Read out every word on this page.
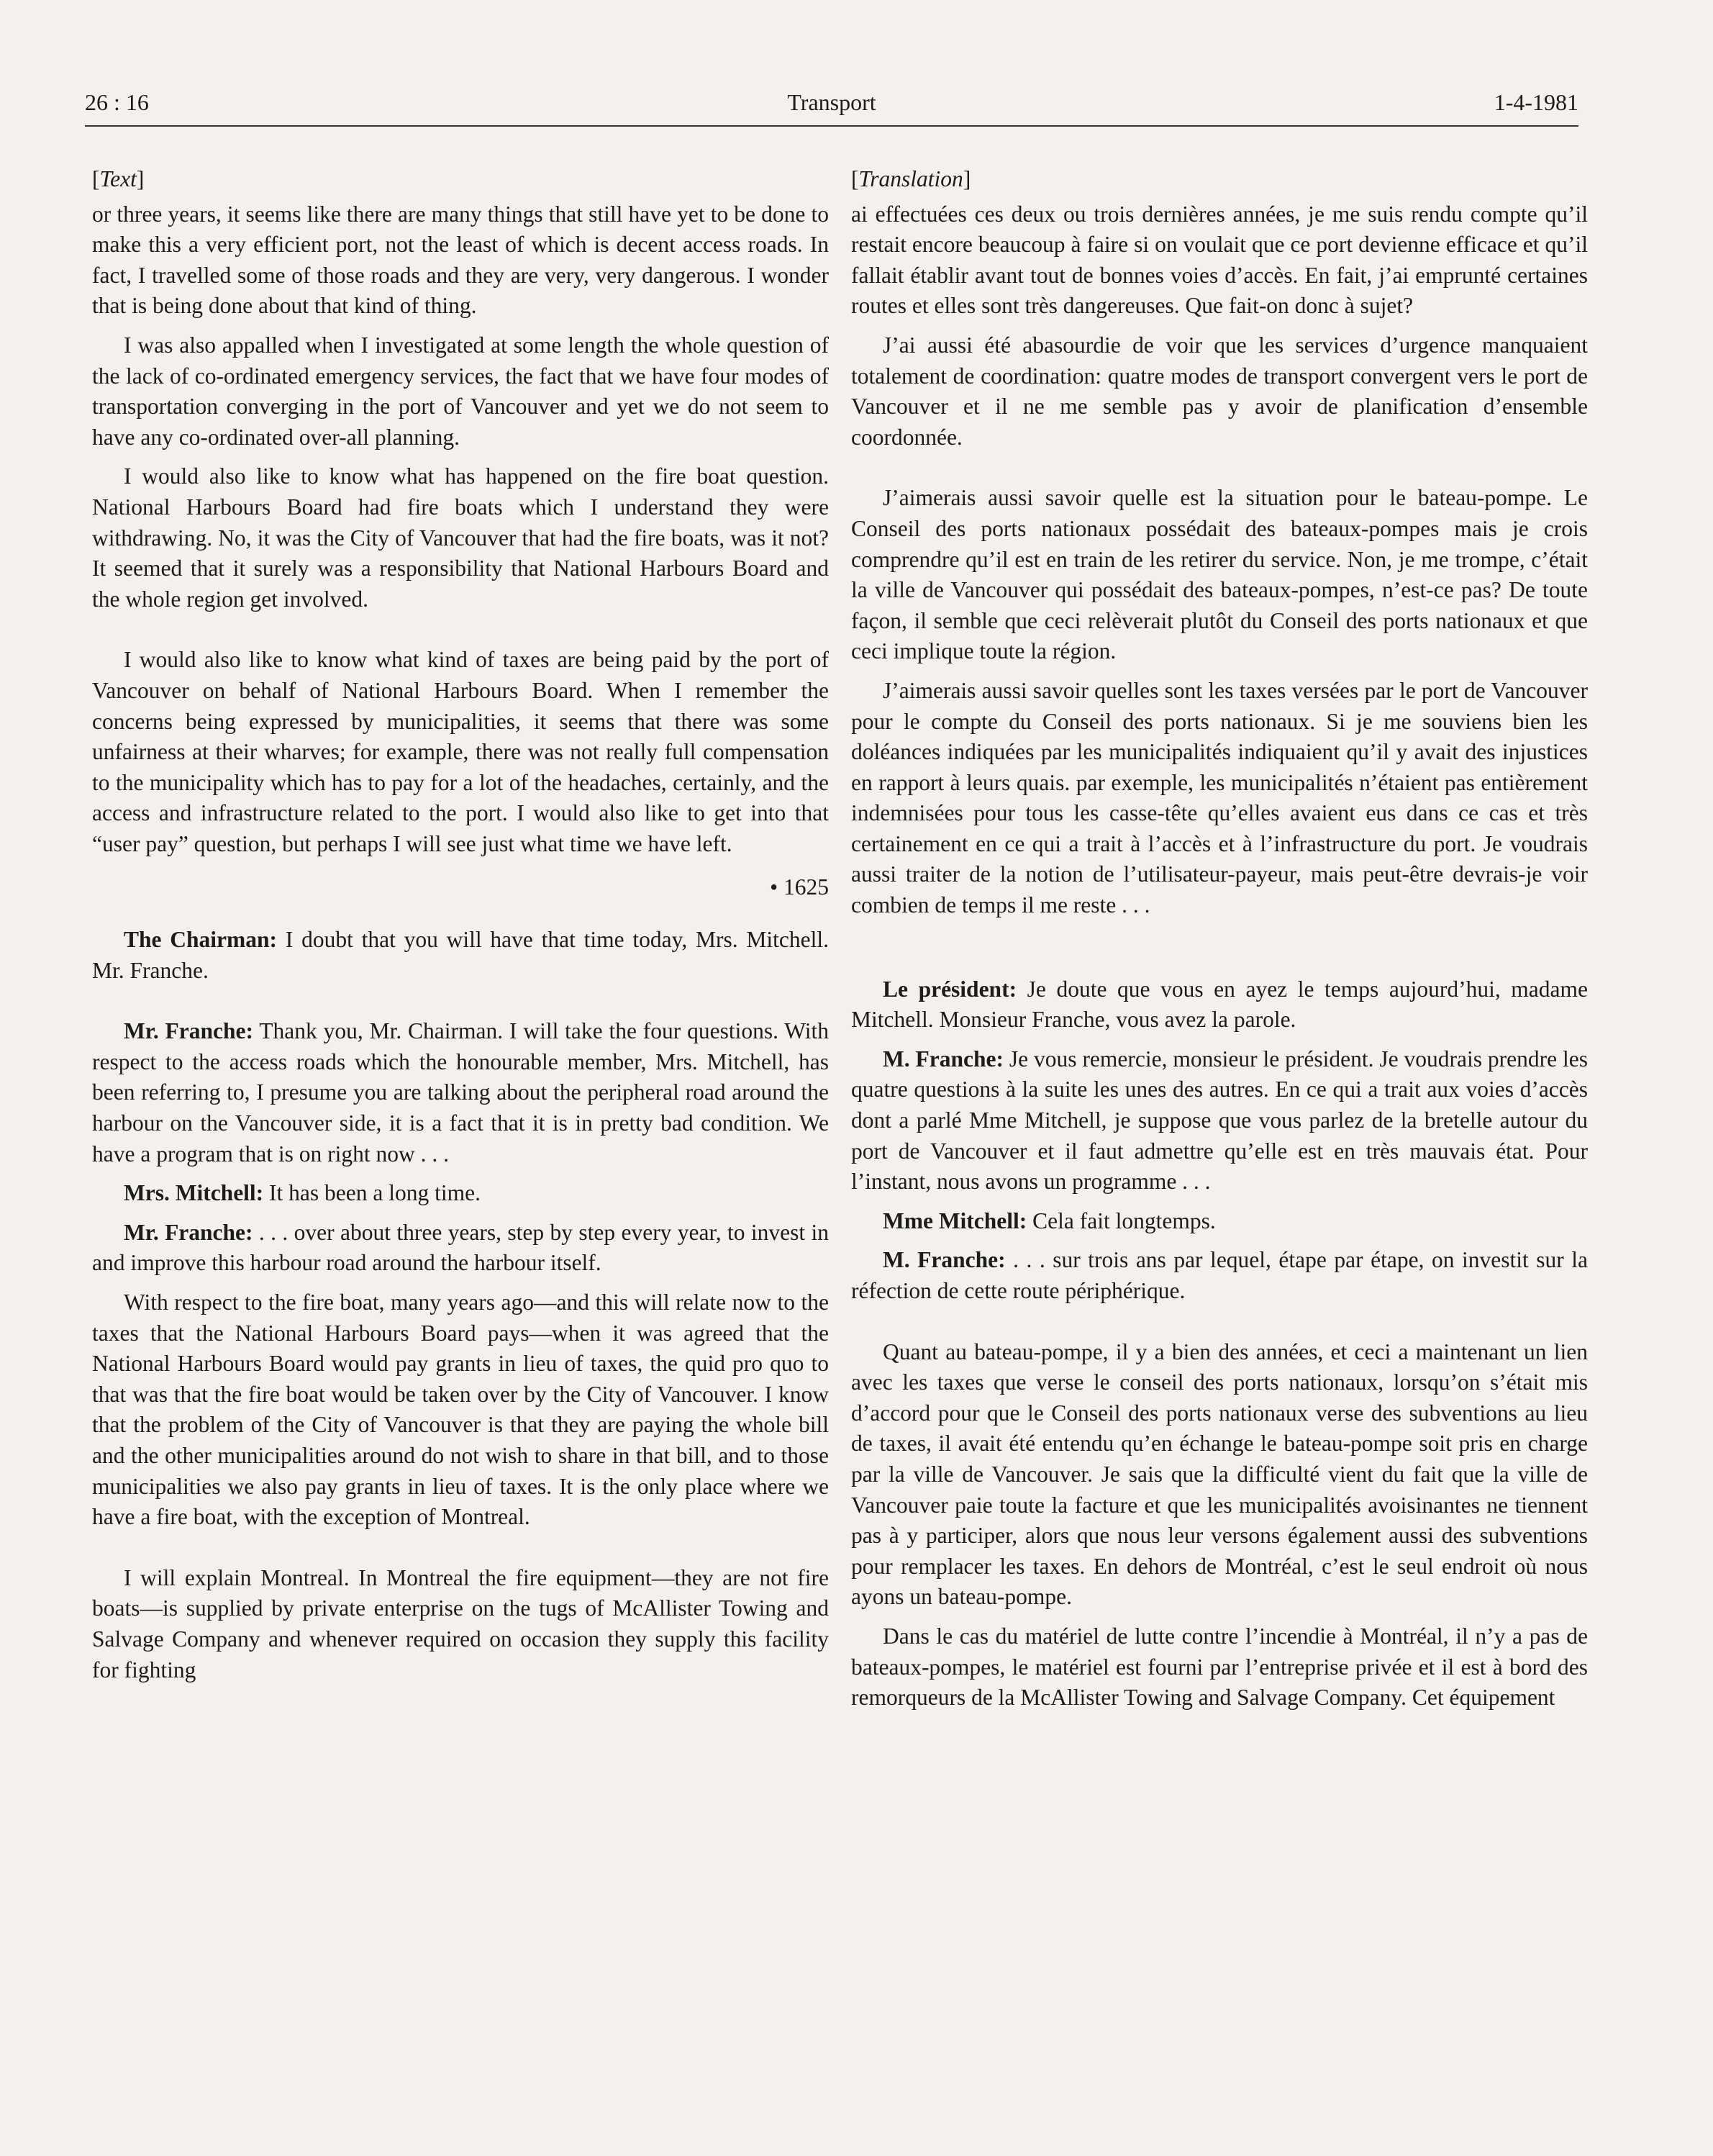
26 : 16	Transport	1-4-1981

[Text]

or three years, it seems like there are many things that still have yet to be done to make this a very efficient port, not the least of which is decent access roads. In fact, I travelled some of those roads and they are very, very dangerous. I wonder that is being done about that kind of thing.

I was also appalled when I investigated at some length the whole question of the lack of co-ordinated emergency services, the fact that we have four modes of transportation converging in the port of Vancouver and yet we do not seem to have any co-ordinated over-all planning.

I would also like to know what has happened on the fire boat question. National Harbours Board had fire boats which I understand they were withdrawing. No, it was the City of Vancouver that had the fire boats, was it not? It seemed that it surely was a responsibility that National Harbours Board and the whole region get involved.

I would also like to know what kind of taxes are being paid by the port of Vancouver on behalf of National Harbours Board. When I remember the concerns being expressed by municipalities, it seems that there was some unfairness at their wharves; for example, there was not really full compensation to the municipality which has to pay for a lot of the headaches, certainly, and the access and infrastructure related to the port. I would also like to get into that “user pay” question, but perhaps I will see just what time we have left.

• 1625

The Chairman: I doubt that you will have that time today, Mrs. Mitchell. Mr. Franche.

Mr. Franche: Thank you, Mr. Chairman. I will take the four questions. With respect to the access roads which the honourable member, Mrs. Mitchell, has been referring to, I presume you are talking about the peripheral road around the harbour on the Vancouver side, it is a fact that it is in pretty bad condition. We have a program that is on right now . . .

Mrs. Mitchell: It has been a long time.

Mr. Franche: . . . over about three years, step by step every year, to invest in and improve this harbour road around the harbour itself.

With respect to the fire boat, many years ago—and this will relate now to the taxes that the National Harbours Board pays—when it was agreed that the National Harbours Board would pay grants in lieu of taxes, the quid pro quo to that was that the fire boat would be taken over by the City of Vancouver. I know that the problem of the City of Vancouver is that they are paying the whole bill and the other municipalities around do not wish to share in that bill, and to those municipalities we also pay grants in lieu of taxes. It is the only place where we have a fire boat, with the exception of Montreal.

I will explain Montreal. In Montreal the fire equipment—they are not fire boats—is supplied by private enterprise on the tugs of McAllister Towing and Salvage Company and whenever required on occasion they supply this facility for fighting

[Translation]

ai effectuées ces deux ou trois dernières années, je me suis rendu compte qu’il restait encore beaucoup à faire si on voulait que ce port devienne efficace et qu’il fallait établir avant tout de bonnes voies d’accès. En fait, j’ai emprunté certaines routes et elles sont très dangereuses. Que fait-on donc à sujet?

J’ai aussi été abasourdie de voir que les services d’urgence manquaient totalement de coordination: quatre modes de transport convergent vers le port de Vancouver et il ne me semble pas y avoir de planification d’ensemble coordonnée.

J’aimerais aussi savoir quelle est la situation pour le bateau-pompe. Le Conseil des ports nationaux possédait des bateaux-pompes mais je crois comprendre qu’il est en train de les retirer du service. Non, je me trompe, c’était la ville de Vancouver qui possédait des bateaux-pompes, n’est-ce pas? De toute façon, il semble que ceci relèverait plutôt du Conseil des ports nationaux et que ceci implique toute la région.

J’aimerais aussi savoir quelles sont les taxes versées par le port de Vancouver pour le compte du Conseil des ports nationaux. Si je me souviens bien les doléances indiquées par les municipalités indiquaient qu’il y avait des injustices en rapport à leurs quais. par exemple, les municipalités n’étaient pas entièrement indemnisées pour tous les casse-tête qu’elles avaient eus dans ce cas et très certainement en ce qui a trait à l’accès et à l’infrastructure du port. Je voudrais aussi traiter de la notion de l’utilisateur-payeur, mais peut-être devrais-je voir combien de temps il me reste . . .

Le président: Je doute que vous en ayez le temps aujourd’hui, madame Mitchell. Monsieur Franche, vous avez la parole.

M. Franche: Je vous remercie, monsieur le président. Je voudrais prendre les quatre questions à la suite les unes des autres. En ce qui a trait aux voies d’accès dont a parlé Mme Mitchell, je suppose que vous parlez de la bretelle autour du port de Vancouver et il faut admettre qu’elle est en très mauvais état. Pour l’instant, nous avons un programme . . .

Mme Mitchell: Cela fait longtemps.

M. Franche: . . . sur trois ans par lequel, étape par étape, on investit sur la réfection de cette route périphérique.

Quant au bateau-pompe, il y a bien des années, et ceci a maintenant un lien avec les taxes que verse le conseil des ports nationaux, lorsqu’on s’était mis d’accord pour que le Conseil des ports nationaux verse des subventions au lieu de taxes, il avait été entendu qu’en échange le bateau-pompe soit pris en charge par la ville de Vancouver. Je sais que la difficulté vient du fait que la ville de Vancouver paie toute la facture et que les municipalités avoisinantes ne tiennent pas à y participer, alors que nous leur versons également aussi des subventions pour remplacer les taxes. En dehors de Montréal, c’est le seul endroit où nous ayons un bateau-pompe.

Dans le cas du matériel de lutte contre l’incendie à Montréal, il n’y a pas de bateaux-pompes, le matériel est fourni par l’entreprise privée et il est à bord des remorqueurs de la McAllister Towing and Salvage Company. Cet équipement
